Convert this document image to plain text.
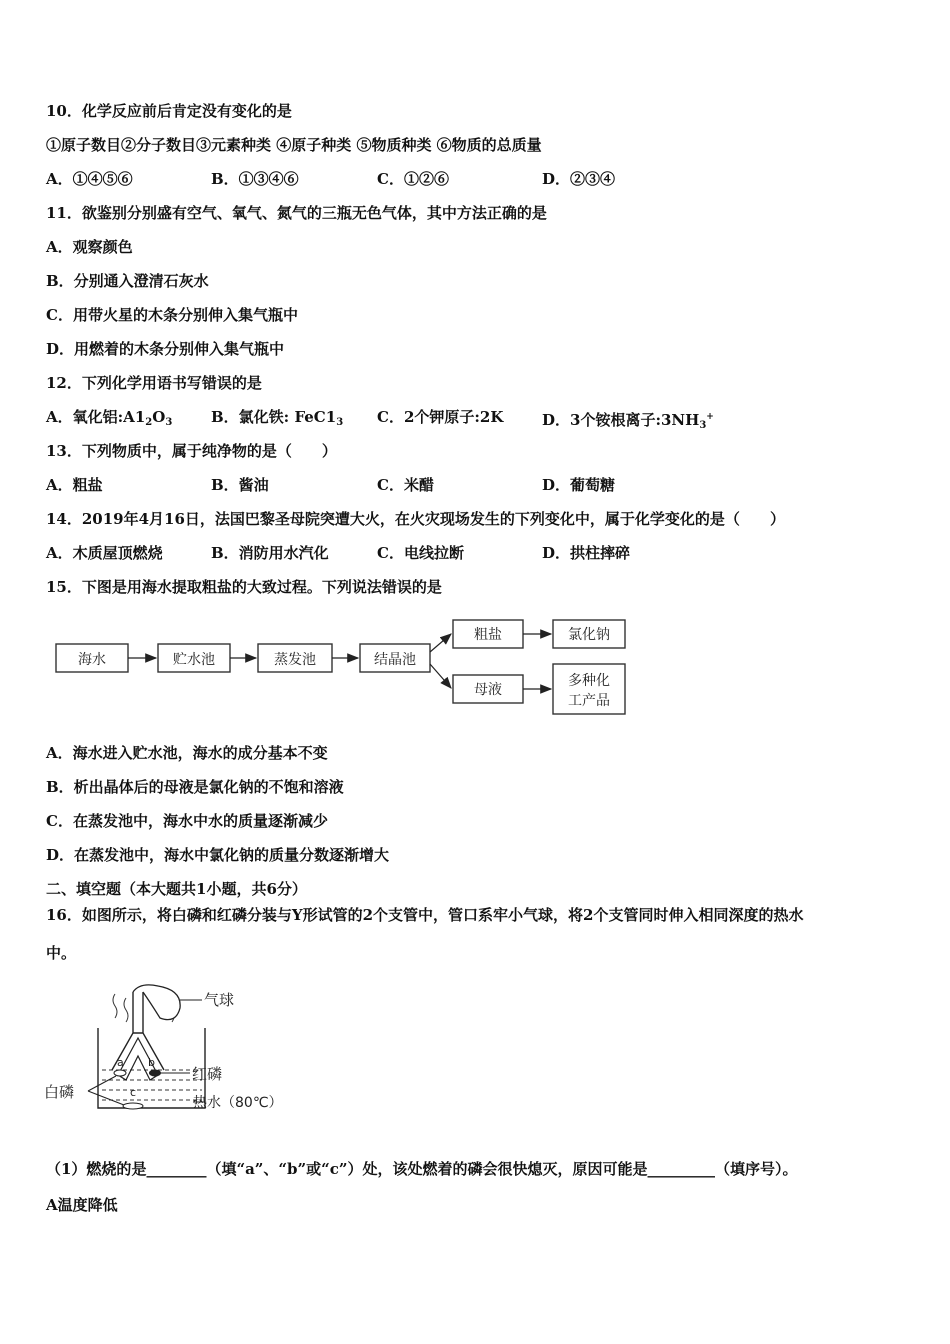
10．化学反应前后肯定没有变化的是
①原子数目②分子数目③元素种类 ④原子种类 ⑤物质种类 ⑥物质的总质量
A．①④⑤⑥	B．①③④⑥	C．①②⑥	D．②③④
11．欲鉴别分别盛有空气、氧气、氮气的三瓶无色气体，其中方法正确的是
A．观察颜色
B．分别通入澄清石灰水
C．用带火星的木条分别伸入集气瓶中
D．用燃着的木条分别伸入集气瓶中
12．下列化学用语书写错误的是
A．氧化铝$:A1_2O_3$	B．氯化铁: $FeC1_3$ C．2个钾原子:2K	D．3个铵根离子$:3NH_3^+$
13．下列物质中，属于纯净物的是（　　）
A．粗盐	B．酱油	C．米醋	D．葡萄糖
14．2019年4月16日，法国巴黎圣母院突遭大火，在火灾现场发生的下列变化中，属于化学变化的是（　　）
A．木质屋顶燃烧	B．消防用水汽化	C．电线拉断	D．拱柱摔碎
15．下图是用海水提取粗盐的大致过程。下列说法错误的是
海水	贮水池	蒸发池	结晶池
粗盐	氯化钠
母液
多种化
工产品
A．海水进入贮水池，海水的成分基本不变
B．析出晶体后的母液是氯化钠的不饱和溶液
C．在蒸发池中，海水中水的质量逐渐减少
D．在蒸发池中，海水中氯化钠的质量分数逐渐增大
二、填空题（本大题共1小题，共6分）
16．如图所示，将白磷和红磷分装与Y形试管的2个支管中，管口系牢小气球，将2个支管同时伸入相同深度的热水
中。
a b
c
气球
红磷
白磷
热水（80℃）
（1）燃烧的是________（填“a”、“b”或“c”）处，该处燃着的磷会很快熄灭，原因可能是_________（填序号）。
A温度降低
